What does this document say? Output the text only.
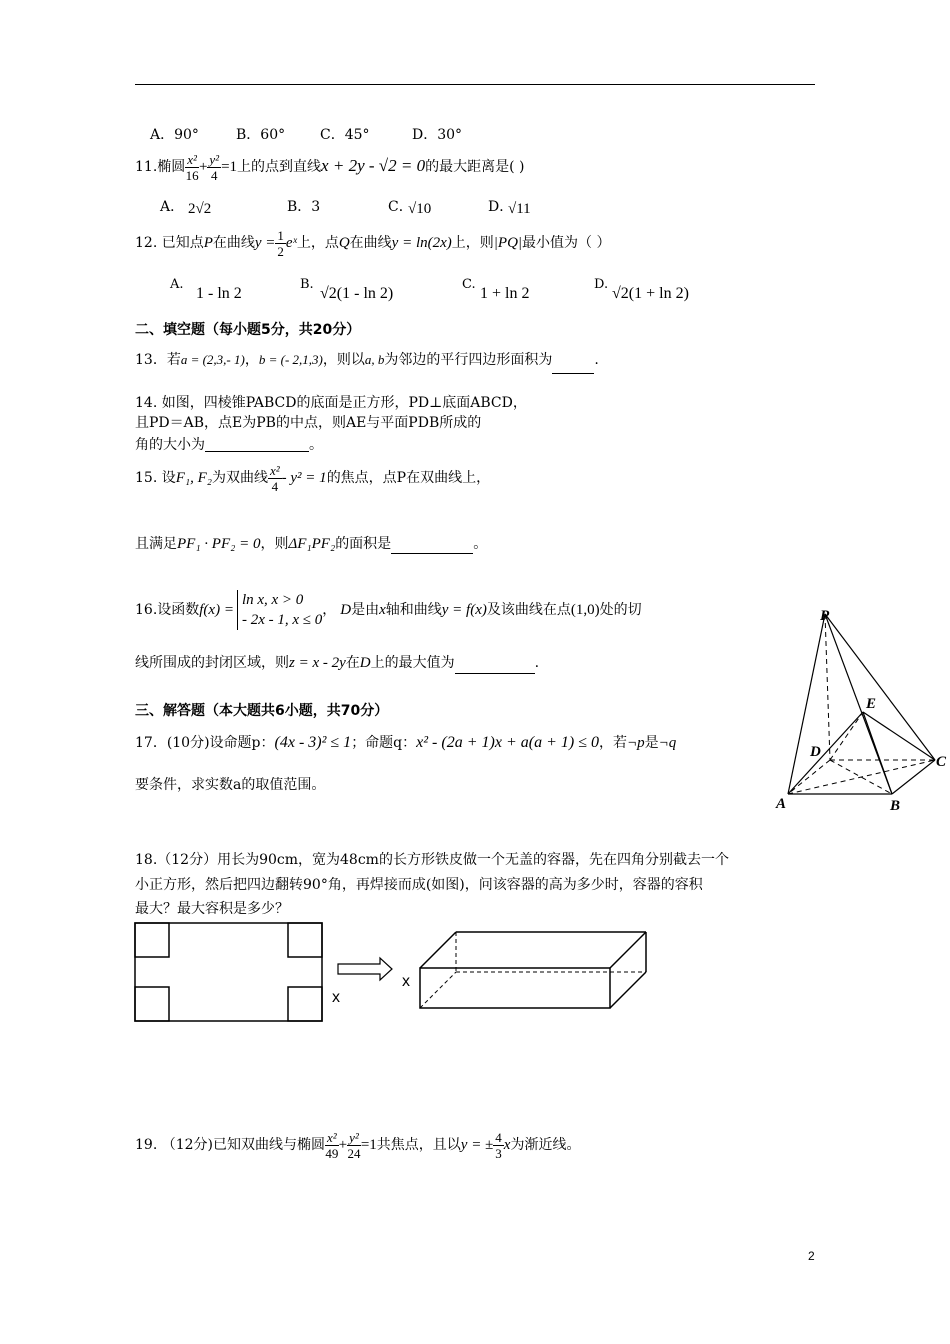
A．90°	B．60° C．45°	D．30°
11.椭圆 $\frac{\text{x²}}{16} + \frac{\text{y²}}{4} =1$上的点到直线x + 2y - √2 = 0的最大距离是( )
A． 2√2	B．3	C．
√10	D．
√11
12. 已知点P在曲线$y = \frac{1}{2}$ eˣ上，点Q在曲线y = ln(2x)上，则|PQ|最小值为（ ）
A.
1 - ln 2
B.
√2(1 - ln 2)
C.
1 + ln 2
D.
√2(1 + ln 2)
二、填空题（每小题5分，共20分）
13．若a = (2,3,- 1)，b = (- 2,1,3)，则以a, b为邻边的平行四边形面积为	.
14. 如图，四棱锥PABCD的底面是正方形，PD⊥底面ABCD，
且PD＝AB，点E为PB的中点，则AE与平面PDB所成的
角的大小为	。
15. 设F₁, F₂为双曲线 $\frac{\text{x²}}{4} - y^2 = 1$的焦点，点P在双曲线上，
且满足PF₁ · PF₂ = 0，则ΔF₁PF₂的面积是	。
16.设函数f(x) =
ln x, x > 0
- 2x - 1, x ≤ 0
， D是由x轴和曲线y = f(x)及该曲线在点(1,0)处的切
线所围成的封闭区域，则z = x - 2y在D上的最大值为	.
P
E
D
C
A	B
三、解答题（本大题共6小题，共70分）
17．(10分)设命题p：(4x - 3)² ≤ 1；命题q：x² - (2a + 1)x + a(a + 1) ≤ 0，若¬p是¬q
要条件，求实数a的取值范围。
18.（12分）用长为90cm，宽为48cm的长方形铁皮做一个无盖的容器，先在四角分别截去一个
小正方形，然后把四边翻转90°角，再焊接而成(如图)，问该容器的高为多少时，容器的容积
最大？最大容积是多少？
x
x
19. （12分)已知双曲线与椭圆 $\frac{\text{x²}}{49} + \frac{\text{y²}}{24} =1$共焦点，且以y = ± $\frac{4}{3}$ x为渐近线。
2
